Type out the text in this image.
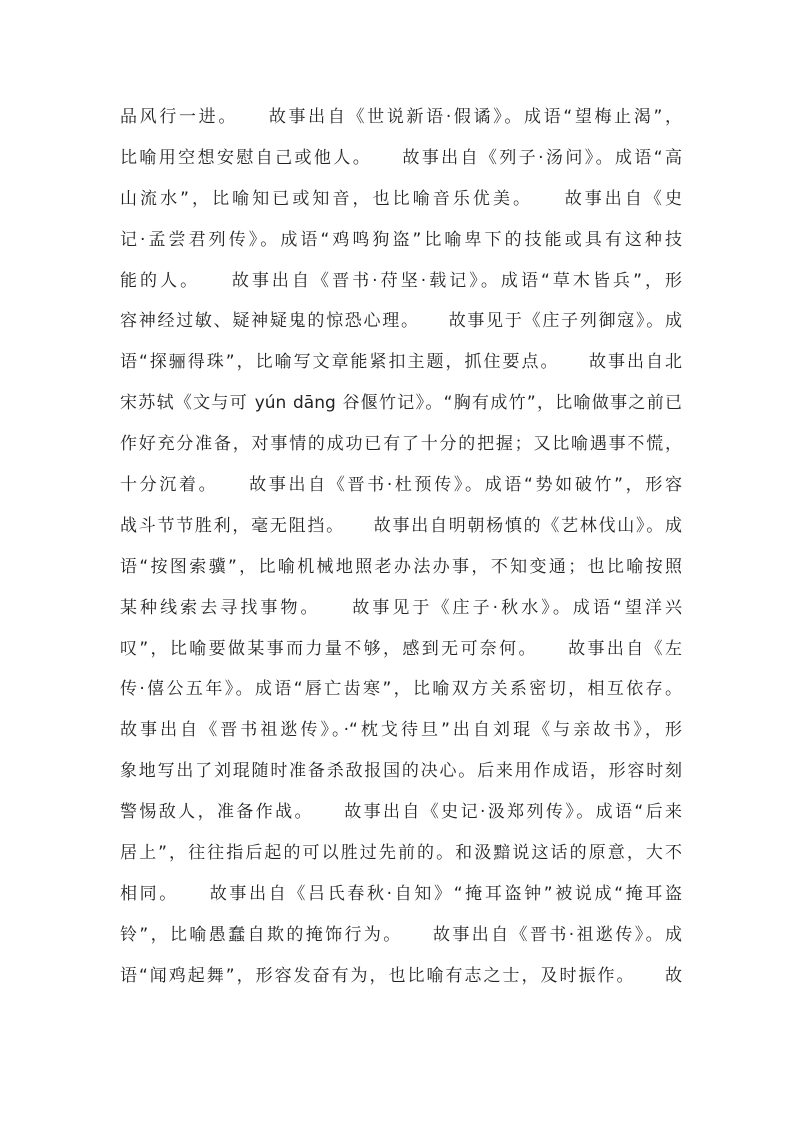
品风行一进。　　故事出自《世说新语·假谲》。成语“望梅止渴”，
比喻用空想安慰自己或他人。　　故事出自《列子·汤问》。成语“高
山流水”，比喻知已或知音，也比喻音乐优美。　　故事出自《史
记·孟尝君列传》。成语“鸡鸣狗盗”比喻卑下的技能或具有这种技
能的人。　　故事出自《晋书·苻坚·载记》。成语“草木皆兵”，形
容神经过敏、疑神疑鬼的惊恐心理。　　故事见于《庄子列御寇》。成
语“探骊得珠”，比喻写文章能紧扣主题，抓住要点。　　故事出自北
宋苏轼《文与可 yún dāng 谷偃竹记》。“胸有成竹”，比喻做事之前已
作好充分准备，对事情的成功已有了十分的把握；又比喻遇事不慌，
十分沉着。　　故事出自《晋书·杜预传》。成语“势如破竹”，形容
战斗节节胜利，毫无阻挡。　　故事出自明朝杨慎的《艺林伐山》。成
语“按图索骥”，比喻机械地照老办法办事，不知变通；也比喻按照
某种线索去寻找事物。　　故事见于《庄子·秋水》。成语“望洋兴
叹”，比喻要做某事而力量不够，感到无可奈何。　　故事出自《左
传·僖公五年》。成语“唇亡齿寒”，比喻双方关系密切，相互依存。
故事出自《晋书祖逖传》。·“枕戈待旦”出自刘琨《与亲故书》，形
象地写出了刘琨随时准备杀敌报国的决心。后来用作成语，形容时刻
警惕敌人，准备作战。　　故事出自《史记·汲郑列传》。成语“后来
居上”，往往指后起的可以胜过先前的。和汲黯说这话的原意，大不
相同。　　故事出自《吕氏春秋·自知》“掩耳盗钟”被说成“掩耳盗
铃”，比喻愚蠢自欺的掩饰行为。　　故事出自《晋书·祖逖传》。成
语“闻鸡起舞”，形容发奋有为，也比喻有志之士，及时振作。　　故
